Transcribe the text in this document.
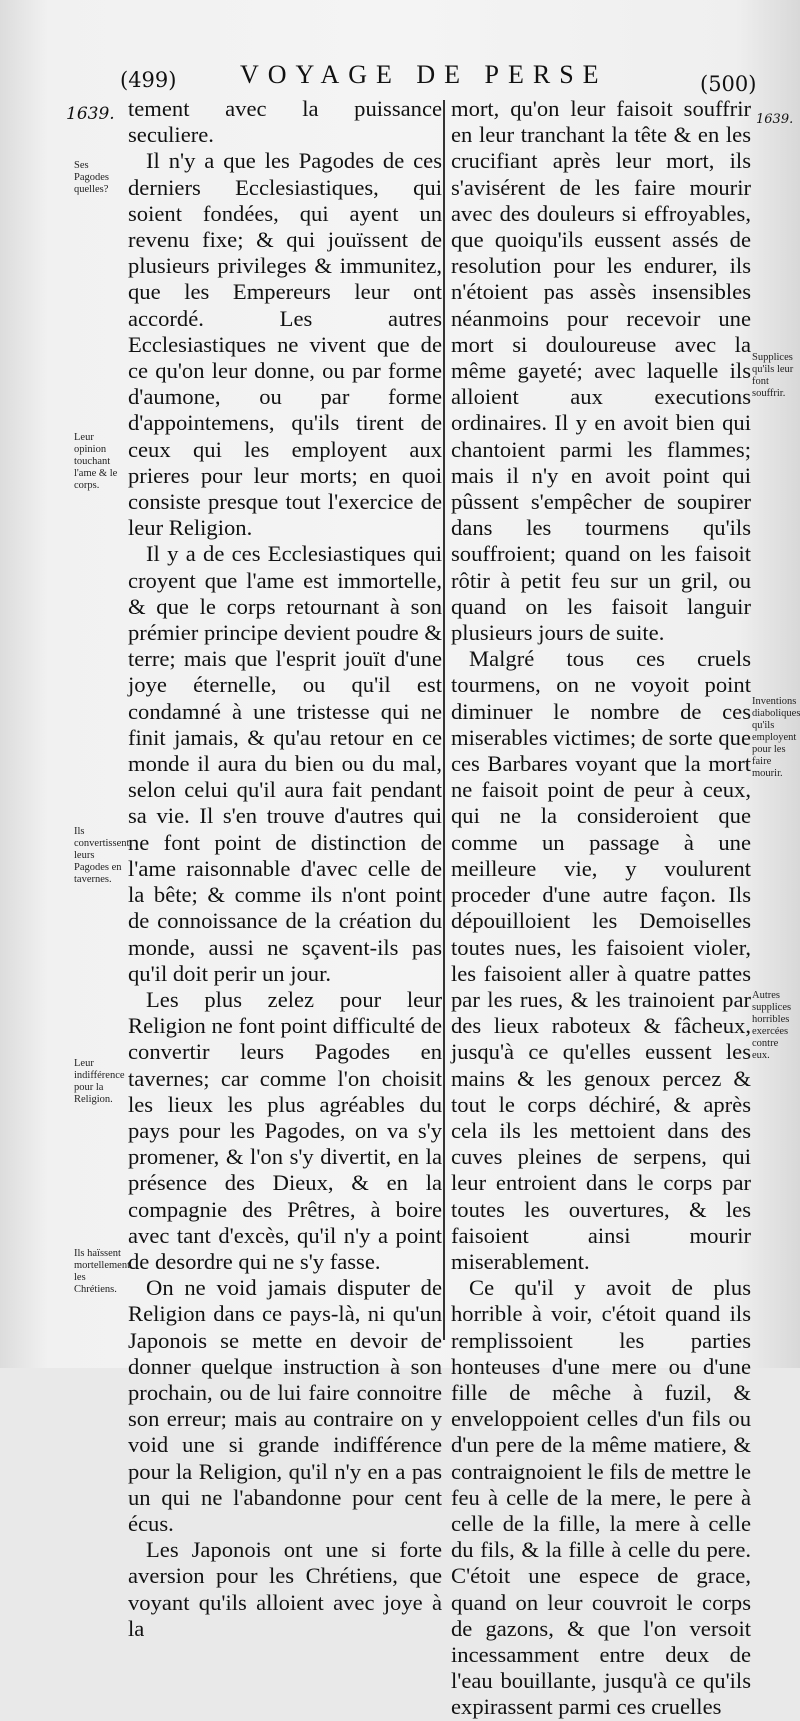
(499) VOYAGE DE PERSE	(500)
1639.	1639.

tement avec la puissance seculiere.

Il n'y a que les Pagodes de ces derniers Ecclesiastiques, qui soient fondées, qui ayent un revenu fixe; & qui jouïssent de plusieurs privileges & immunitez, que les Empereurs leur ont accordé. Les autres Ecclesiastiques ne vivent que de ce qu'on leur donne, ou par forme d'aumone, ou par forme d'appointemens, qu'ils tirent de ceux qui les employent aux prieres pour leur morts; en quoi consiste presque tout l'exercice de leur Religion.

Il y a de ces Ecclesiastiques qui croyent que l'ame est immortelle, & que le corps retournant à son prémier principe devient poudre & terre; mais que l'esprit jouït d'une joye éternelle, ou qu'il est condamné à une tristesse qui ne finit jamais, & qu'au retour en ce monde il aura du bien ou du mal, selon celui qu'il aura fait pendant sa vie. Il s'en trouve d'autres qui ne font point de distinction de l'ame raisonnable d'avec celle de la bête; & comme ils n'ont point de connoissance de la création du monde, aussi ne sçavent-ils pas qu'il doit perir un jour.

Les plus zelez pour leur Religion ne font point difficulté de convertir leurs Pagodes en tavernes; car comme l'on choisit les lieux les plus agréables du pays pour les Pagodes, on va s'y promener, & l'on s'y divertit, en la présence des Dieux, & en la compagnie des Prêtres, à boire avec tant d'excès, qu'il n'y a point de desordre qui ne s'y fasse.

On ne void jamais disputer de Religion dans ce pays-là, ni qu'un Japonois se mette en devoir de donner quelque instruction à son prochain, ou de lui faire connoitre son erreur; mais au contraire on y void une si grande indifférence pour la Religion, qu'il n'y en a pas un qui ne l'abandonne pour cent écus.

Les Japonois ont une si forte aversion pour les Chrétiens, que voyant qu'ils alloient avec joye à la

mort, qu'on leur faisoit souffrir en leur tranchant la tête & en les crucifiant après leur mort, ils s'avisérent de les faire mourir avec des douleurs si effroyables, que quoiqu'ils eussent assés de resolution pour les endurer, ils n'étoient pas assès insensibles néanmoins pour recevoir une mort si douloureuse avec la même gayeté; avec laquelle ils alloient aux executions ordinaires. Il y en avoit bien qui chantoient parmi les flammes; mais il n'y en avoit point qui pûssent s'empêcher de soupirer dans les tourmens qu'ils souffroient; quand on les faisoit rôtir à petit feu sur un gril, ou quand on les faisoit languir plusieurs jours de suite.

Malgré tous ces cruels tourmens, on ne voyoit point diminuer le nombre de ces miserables victimes; de sorte que ces Barbares voyant que la mort ne faisoit point de peur à ceux, qui ne la consideroient que comme un passage à une meilleure vie, y voulurent proceder d'une autre façon. Ils dépouilloient les Demoiselles toutes nues, les faisoient violer, les faisoient aller à quatre pattes par les rues, & les trainoient par des lieux raboteux & fâcheux, jusqu'à ce qu'elles eussent les mains & les genoux percez & tout le corps déchiré, & après cela ils les mettoient dans des cuves pleines de serpens, qui leur entroient dans le corps par toutes les ouvertures, & les faisoient ainsi mourir miserablement.

Ce qu'il y avoit de plus horrible à voir, c'étoit quand ils remplissoient les parties honteuses d'une mere ou d'une fille de mêche à fuzil, & enveloppoient celles d'un fils ou d'un pere de la même matiere, & contraignoient le fils de mettre le feu à celle de la mere, le pere à celle de la fille, la mere à celle du fils, & la fille à celle du pere. C'étoit une espece de grace, quand on leur couvroit le corps de gazons, & que l'on versoit incessamment entre deux de l'eau bouillante, jusqu'à ce qu'ils expirassent parmi ces cruelles

Ses Pagodes quelles?
Leur opinion touchant l'ame & le corps.
Ils convertissent leurs Pagodes en tavernes.
Leur indifférence pour la Religion.
Ils haïssent mortellement les Chrétiens.
Supplices qu'ils leur font souffrir.
Inventions diaboliques qu'ils employent pour les faire mourir.
Autres supplices horribles exercées contre eux.
